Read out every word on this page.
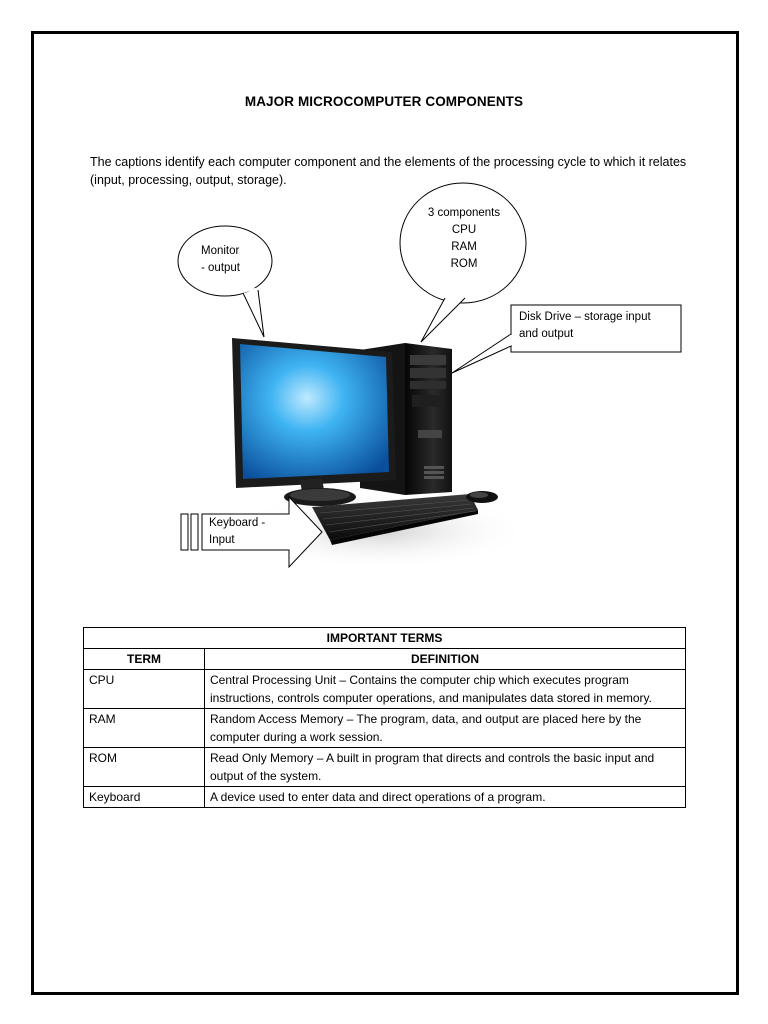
MAJOR MICROCOMPUTER COMPONENTS
The captions identify each computer component and the elements of the processing cycle to which it relates (input, processing, output, storage).
Monitor
- output
3 components
CPU
RAM
ROM
Disk Drive – storage input
and output
Keyboard -
Input
IMPORTANT TERMS	
TERM	DEFINITION
CPU	Central Processing Unit – Contains the computer chip which executes program instructions, controls computer operations, and manipulates data stored in memory.
RAM	Random Access Memory – The program, data, and output are placed here by the computer during a work session.
ROM	Read Only Memory – A built in program that directs and controls the basic input and output of the system.
Keyboard	A device used to enter data and direct operations of a program.
